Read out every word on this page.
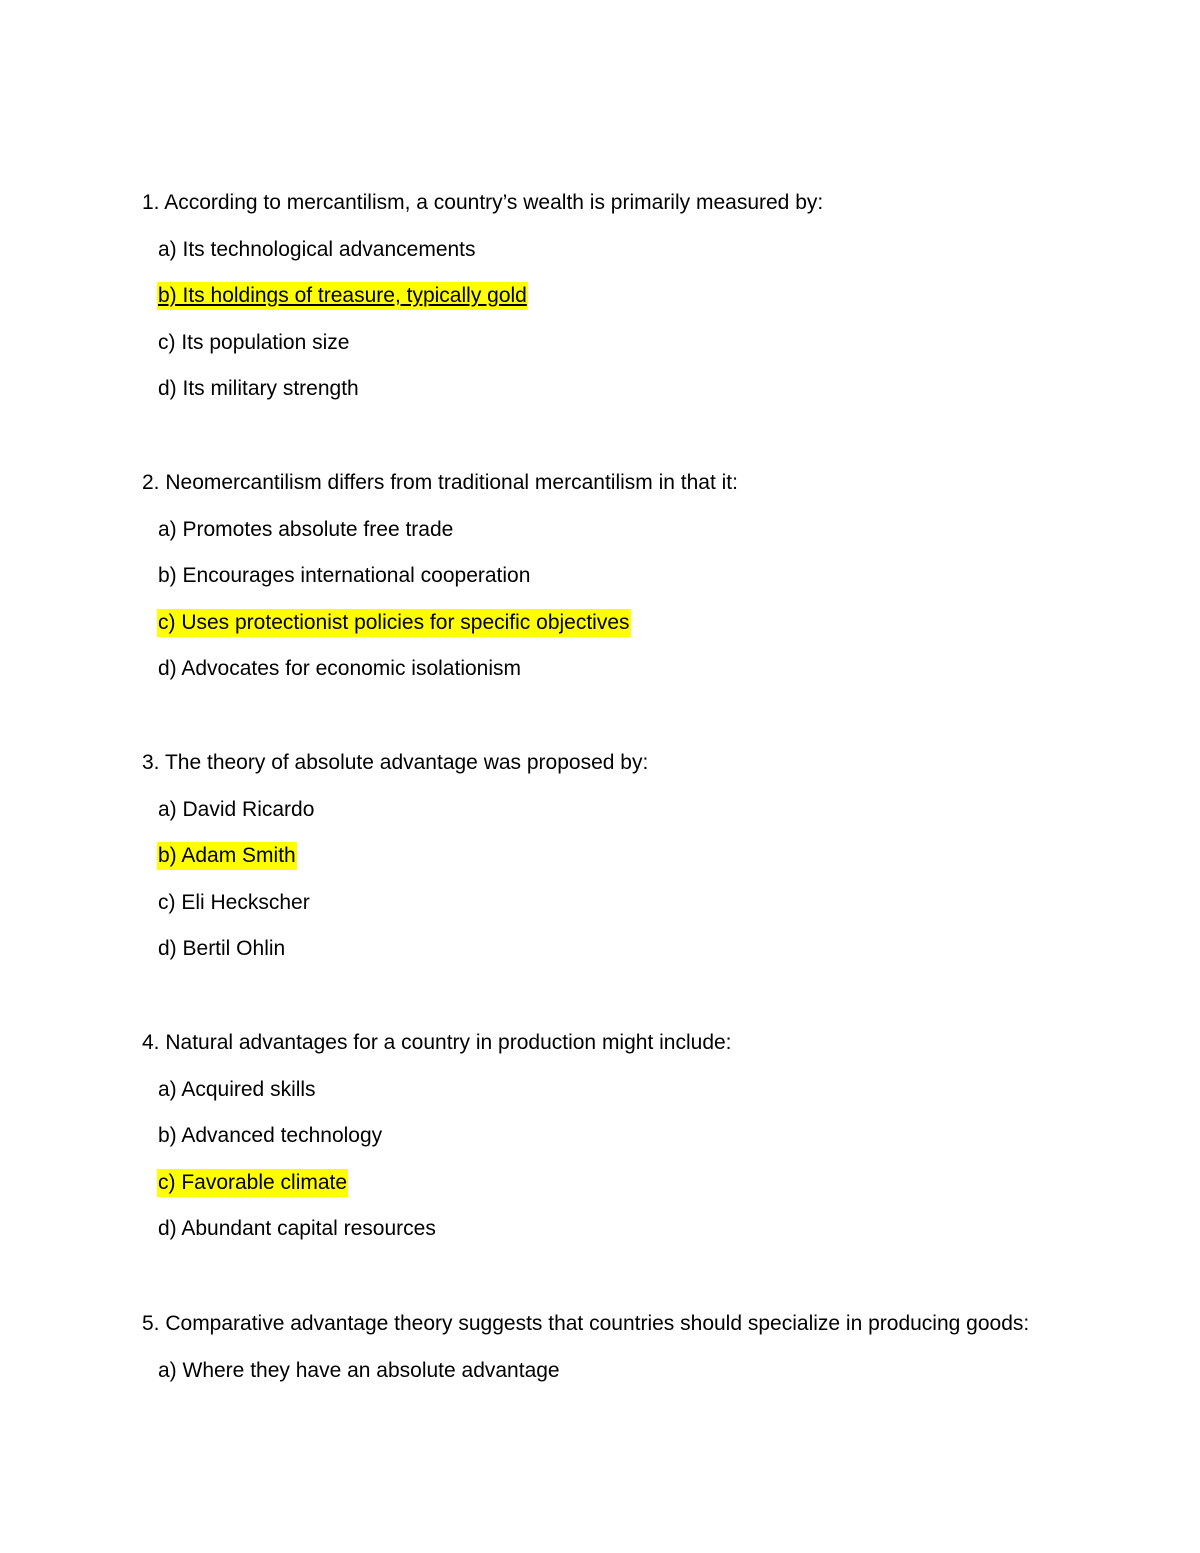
1. According to mercantilism, a country’s wealth is primarily measured by:
a) Its technological advancements
b) Its holdings of treasure, typically gold
c) Its population size
d) Its military strength
2. Neomercantilism differs from traditional mercantilism in that it:
a) Promotes absolute free trade
b) Encourages international cooperation
c) Uses protectionist policies for specific objectives
d) Advocates for economic isolationism
3. The theory of absolute advantage was proposed by:
a) David Ricardo
b) Adam Smith
c) Eli Heckscher
d) Bertil Ohlin
4. Natural advantages for a country in production might include:
a) Acquired skills
b) Advanced technology
c) Favorable climate
d) Abundant capital resources
5. Comparative advantage theory suggests that countries should specialize in producing goods:
a) Where they have an absolute advantage
